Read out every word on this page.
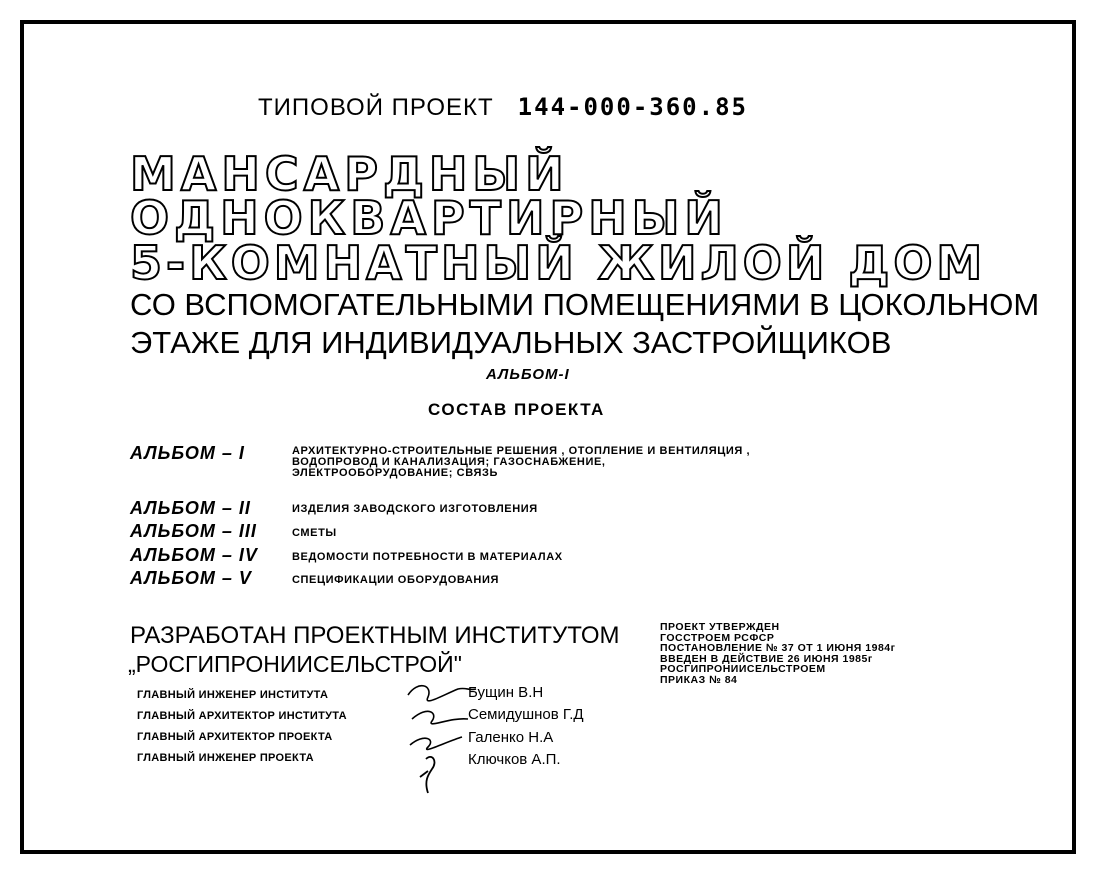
ТИПОВОЙ ПРОЕКТ 144-000-360.85
МАНСАРДНЫЙ
ОДНОКВАРТИРНЫЙ
5-КОМНАТНЫЙ ЖИЛОЙ ДОМ
СО ВСПОМОГАТЕЛЬНЫМИ ПОМЕЩЕНИЯМИ В ЦОКОЛЬНОМ
ЭТАЖЕ ДЛЯ ИНДИВИДУАЛЬНЫХ ЗАСТРОЙЩИКОВ
АЛЬБОМ-I
СОСТАВ ПРОЕКТА
АЛЬБОМ – I	АРХИТЕКТУРНО-СТРОИТЕЛЬНЫЕ РЕШЕНИЯ , ОТОПЛЕНИЕ И ВЕНТИЛЯЦИЯ ,
ВОДОПРОВОД И КАНАЛИЗАЦИЯ; ГАЗОСНАБЖЕНИЕ,
ЭЛЕКТРООБОРУДОВАНИЕ; СВЯЗЬ
АЛЬБОМ – II	ИЗДЕЛИЯ ЗАВОДСКОГО ИЗГОТОВЛЕНИЯ
АЛЬБОМ – III	СМЕТЫ
АЛЬБОМ – IV	ВЕДОМОСТИ ПОТРЕБНОСТИ В МАТЕРИАЛАХ
АЛЬБОМ – V	СПЕЦИФИКАЦИИ ОБОРУДОВАНИЯ
РАЗРАБОТАН ПРОЕКТНЫМ ИНСТИТУТОМ
„РОСГИПРОНИИСЕЛЬСТРОЙ"
ПРОЕКТ УТВЕРЖДЕН
ГОССТРОЕМ РСФСР
ПОСТАНОВЛЕНИЕ № 37 ОТ 1 ИЮНЯ 1984г
ВВЕДЕН В ДЕЙСТВИЕ 26 ИЮНЯ 1985г
РОСГИПРОНИИСЕЛЬСТРОЕМ
ПРИКАЗ № 84
ГЛАВНЫЙ ИНЖЕНЕР ИНСТИТУТА	Бущин В.Н
ГЛАВНЫЙ АРХИТЕКТОР ИНСТИТУТА	Семидушнов Г.Д
ГЛАВНЫЙ АРХИТЕКТОР ПРОЕКТА	Галенко Н.А
ГЛАВНЫЙ ИНЖЕНЕР ПРОЕКТА	Ключков А.П.
